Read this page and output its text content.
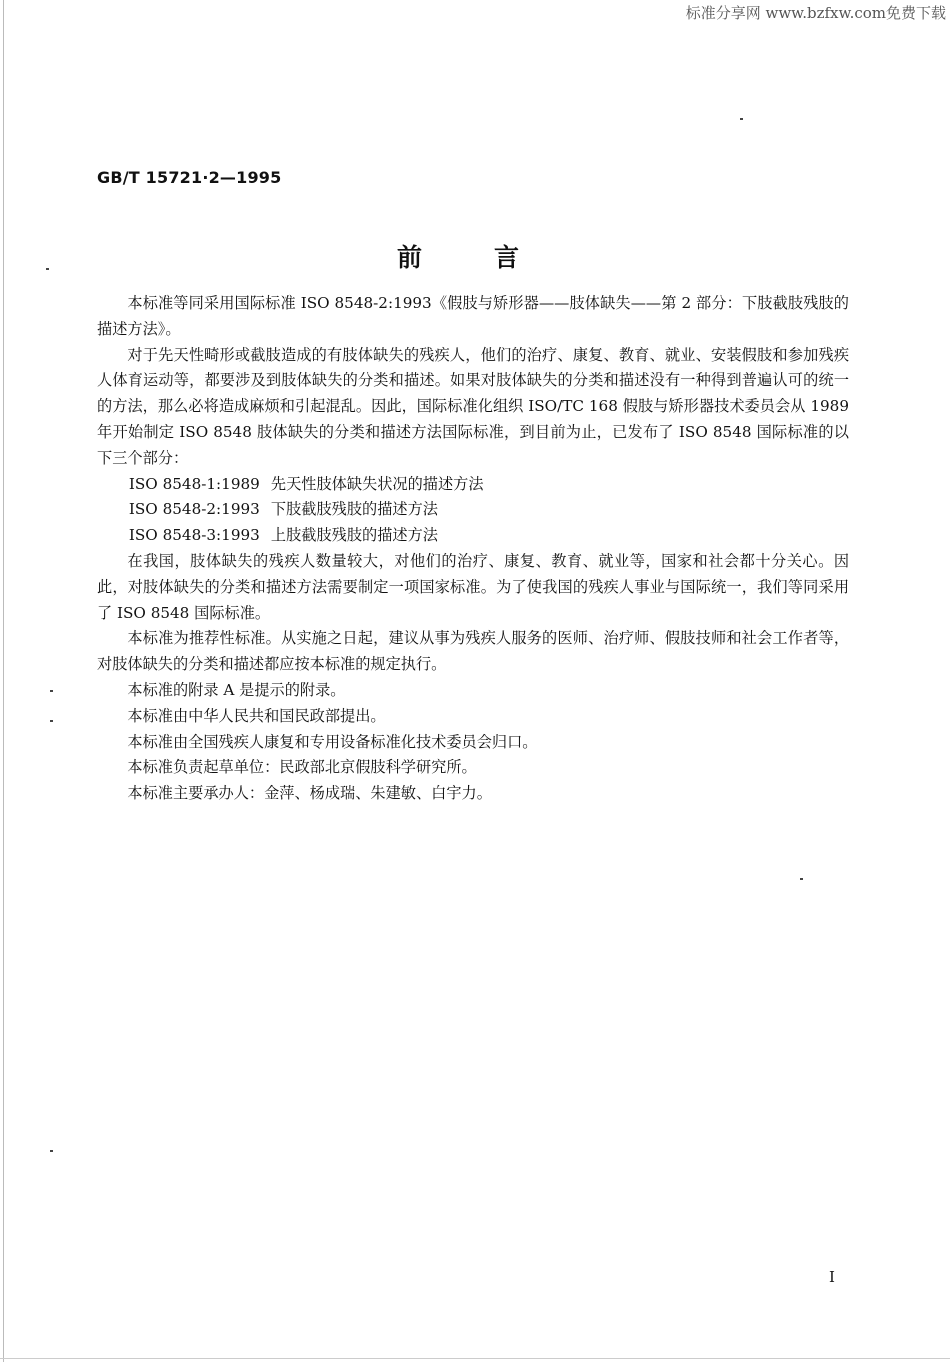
标准分享网 www.bzfxw.com免费下载
GB/T 15721·2—1995
前言

本标准等同采用国际标准 ISO 8548-2:1993《假肢与矫形器——肢体缺失——第 2 部分：下肢截肢残肢的描述方法》。

对于先天性畸形或截肢造成的有肢体缺失的残疾人，他们的治疗、康复、教育、就业、安装假肢和参加残疾人体育运动等，都要涉及到肢体缺失的分类和描述。如果对肢体缺失的分类和描述没有一种得到普遍认可的统一的方法，那么必将造成麻烦和引起混乱。因此，国际标准化组织 ISO/TC 168 假肢与矫形器技术委员会从 1989 年开始制定 ISO 8548 肢体缺失的分类和描述方法国际标准，到目前为止，已发布了 ISO 8548 国际标准的以下三个部分：

ISO 8548-1:1989 先天性肢体缺失状况的描述方法

ISO 8548-2:1993 下肢截肢残肢的描述方法

ISO 8548-3:1993 上肢截肢残肢的描述方法

在我国，肢体缺失的残疾人数量较大，对他们的治疗、康复、教育、就业等，国家和社会都十分关心。因此，对肢体缺失的分类和描述方法需要制定一项国家标准。为了使我国的残疾人事业与国际统一，我们等同采用了 ISO 8548 国际标准。

本标准为推荐性标准。从实施之日起，建议从事为残疾人服务的医师、治疗师、假肢技师和社会工作者等，对肢体缺失的分类和描述都应按本标准的规定执行。

本标准的附录 A 是提示的附录。

本标准由中华人民共和国民政部提出。

本标准由全国残疾人康复和专用设备标准化技术委员会归口。

本标准负责起草单位：民政部北京假肢科学研究所。

本标准主要承办人：金萍、杨成瑞、朱建敏、白宇力。

I
